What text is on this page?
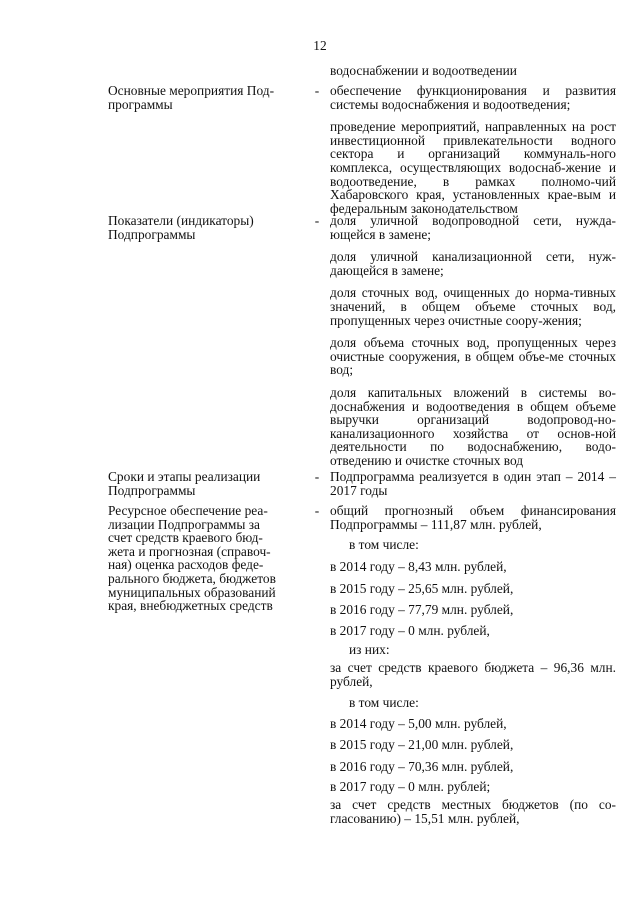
12
водоснабжении и водоотведении
Основные мероприятия Под-
программы
- обеспечение функционирования и развития системы водоснабжения и водоотведения;

проведение мероприятий, направленных на рост инвестиционной привлекательности водного сектора и организаций коммуналь-ного комплекса, осуществляющих водоснаб-жение и водоотведение, в рамках полномо-чий Хабаровского края, установленных крае-вым и федеральным законодательством

Показатели (индикаторы)
Подпрограммы
- доля уличной водопроводной сети, нужда-ющейся в замене;

доля уличной канализационной сети, нуж-дающейся в замене;

доля сточных вод, очищенных до норма-тивных значений, в общем объеме сточных вод, пропущенных через очистные соору-жения;

доля объема сточных вод, пропущенных через очистные сооружения, в общем объе-ме сточных вод;

доля капитальных вложений в системы во-доснабжения и водоотведения в общем объеме выручки организаций водопровод-но-канализационного хозяйства от основ-ной деятельности по водоснабжению, водо-отведению и очистке сточных вод

Сроки и этапы реализации
Подпрограммы
- Подпрограмма реализуется в один этап – 2014 – 2017 годы

Ресурсное обеспечение реа-
лизации Подпрограммы за
счет средств краевого бюд-
жета и прогнозная (справоч-
ная) оценка расходов феде-
рального бюджета, бюджетов
муниципальных образований
края, внебюджетных средств
- общий прогнозный объем финансирования Подпрограммы – 111,87 млн. рублей,

в том числе:

в 2014 году – 8,43 млн. рублей,

в 2015 году – 25,65 млн. рублей,

в 2016 году – 77,79 млн. рублей,

в 2017 году – 0 млн. рублей,

из них:

за счет средств краевого бюджета – 96,36 млн. рублей,

в том числе:

в 2014 году – 5,00 млн. рублей,

в 2015 году – 21,00 млн. рублей,

в 2016 году – 70,36 млн. рублей,

в 2017 году – 0 млн. рублей;

за счет средств местных бюджетов (по со-гласованию) – 15,51 млн. рублей,
